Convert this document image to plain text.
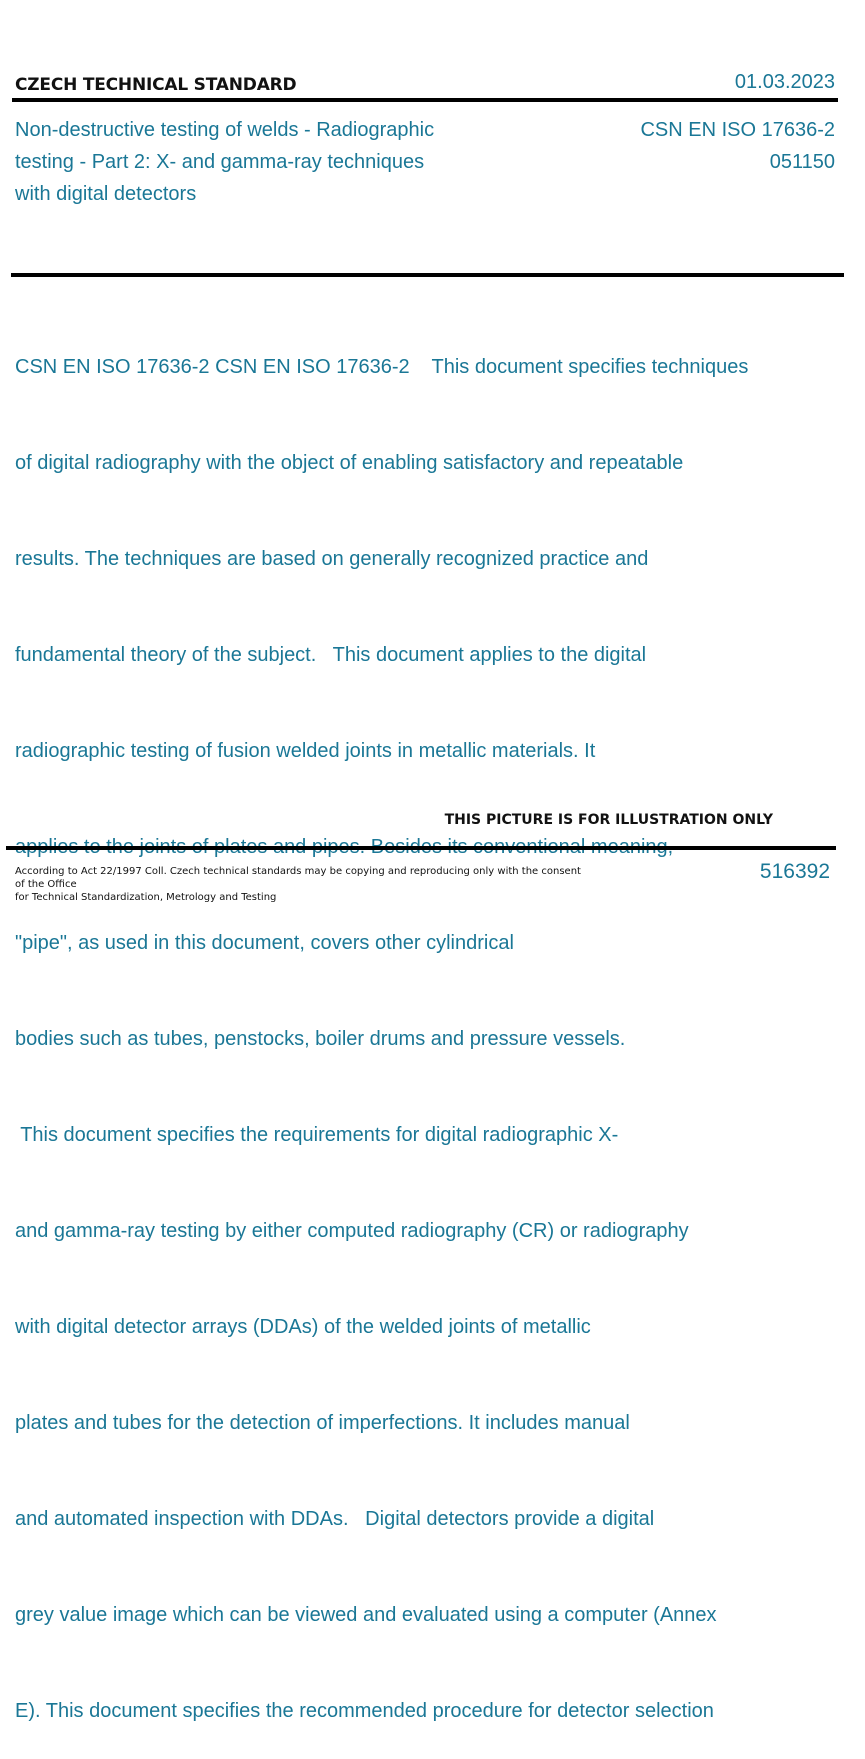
CZECH TECHNICAL STANDARD	01.03.2023
Non-destructive testing of welds - Radiographic
testing - Part 2: X- and gamma-ray techniques
with digital detectors
CSN EN ISO 17636-2
051150

CSN EN ISO 17636-2 CSN EN ISO 17636-2    This document specifies techniques

of digital radiography with the object of enabling satisfactory and repeatable

results. The techniques are based on generally recognized practice and

fundamental theory of the subject.   This document applies to the digital

radiographic testing of fusion welded joints in metallic materials. It

"pipe", as used in this document, covers other cylindrical

bodies such as tubes, penstocks, boiler drums and pressure vessels.

This document specifies the requirements for digital radiographic X-

and gamma-ray testing by either computed radiography (CR) or radiography

with digital detector arrays (DDAs) of the welded joints of metallic

plates and tubes for the detection of imperfections. It includes manual

and automated inspection with DDAs.   Digital detectors provide a digital

grey value image which can be viewed and evaluated using a computer (Annex

E). This document specifies the recommended procedure for detector selection

THIS PICTURE IS FOR ILLUSTRATION ONLY
According to Act 22/1997 Coll. Czech technical standards may be copying and reproducing only with the consent of the Office
for Technical Standardization, Metrology and Testing
516392
